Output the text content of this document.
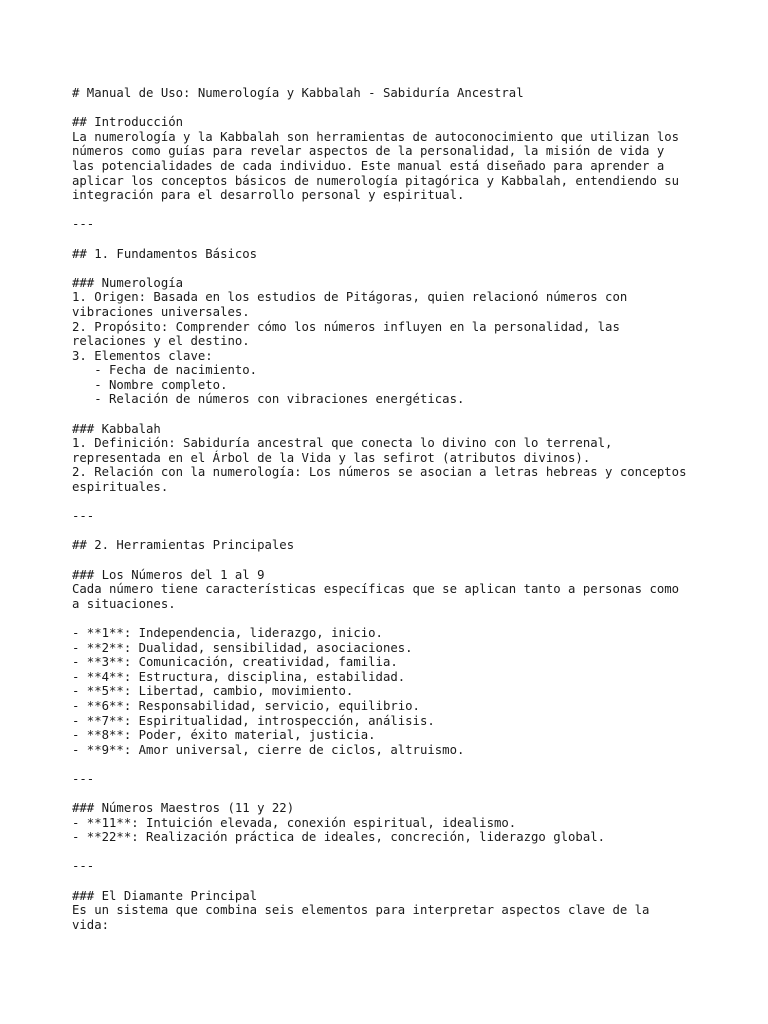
# Manual de Uso: Numerología y Kabbalah - Sabiduría Ancestral
## Introducción
La numerología y la Kabbalah son herramientas de autoconocimiento que utilizan los
números como guías para revelar aspectos de la personalidad, la misión de vida y
las potencialidades de cada individuo. Este manual está diseñado para aprender a
aplicar los conceptos básicos de numerología pitagórica y Kabbalah, entendiendo su
integración para el desarrollo personal y espiritual.
---
## 1. Fundamentos Básicos
### Numerología
1. Origen: Basada en los estudios de Pitágoras, quien relacionó números con
vibraciones universales.
2. Propósito: Comprender cómo los números influyen en la personalidad, las
relaciones y el destino.
3. Elementos clave:
- Fecha de nacimiento.
- Nombre completo.
- Relación de números con vibraciones energéticas.
### Kabbalah
1. Definición: Sabiduría ancestral que conecta lo divino con lo terrenal,
representada en el Árbol de la Vida y las sefirot (atributos divinos).
2. Relación con la numerología: Los números se asocian a letras hebreas y conceptos
espirituales.
---
## 2. Herramientas Principales
### Los Números del 1 al 9
Cada número tiene características específicas que se aplican tanto a personas como
a situaciones.
- **1**: Independencia, liderazgo, inicio.
- **2**: Dualidad, sensibilidad, asociaciones.
- **3**: Comunicación, creatividad, familia.
- **4**: Estructura, disciplina, estabilidad.
- **5**: Libertad, cambio, movimiento.
- **6**: Responsabilidad, servicio, equilibrio.
- **7**: Espiritualidad, introspección, análisis.
- **8**: Poder, éxito material, justicia.
- **9**: Amor universal, cierre de ciclos, altruismo.
---
### Números Maestros (11 y 22)
- **11**: Intuición elevada, conexión espiritual, idealismo.
- **22**: Realización práctica de ideales, concreción, liderazgo global.
---
### El Diamante Principal
Es un sistema que combina seis elementos para interpretar aspectos clave de la
vida:
